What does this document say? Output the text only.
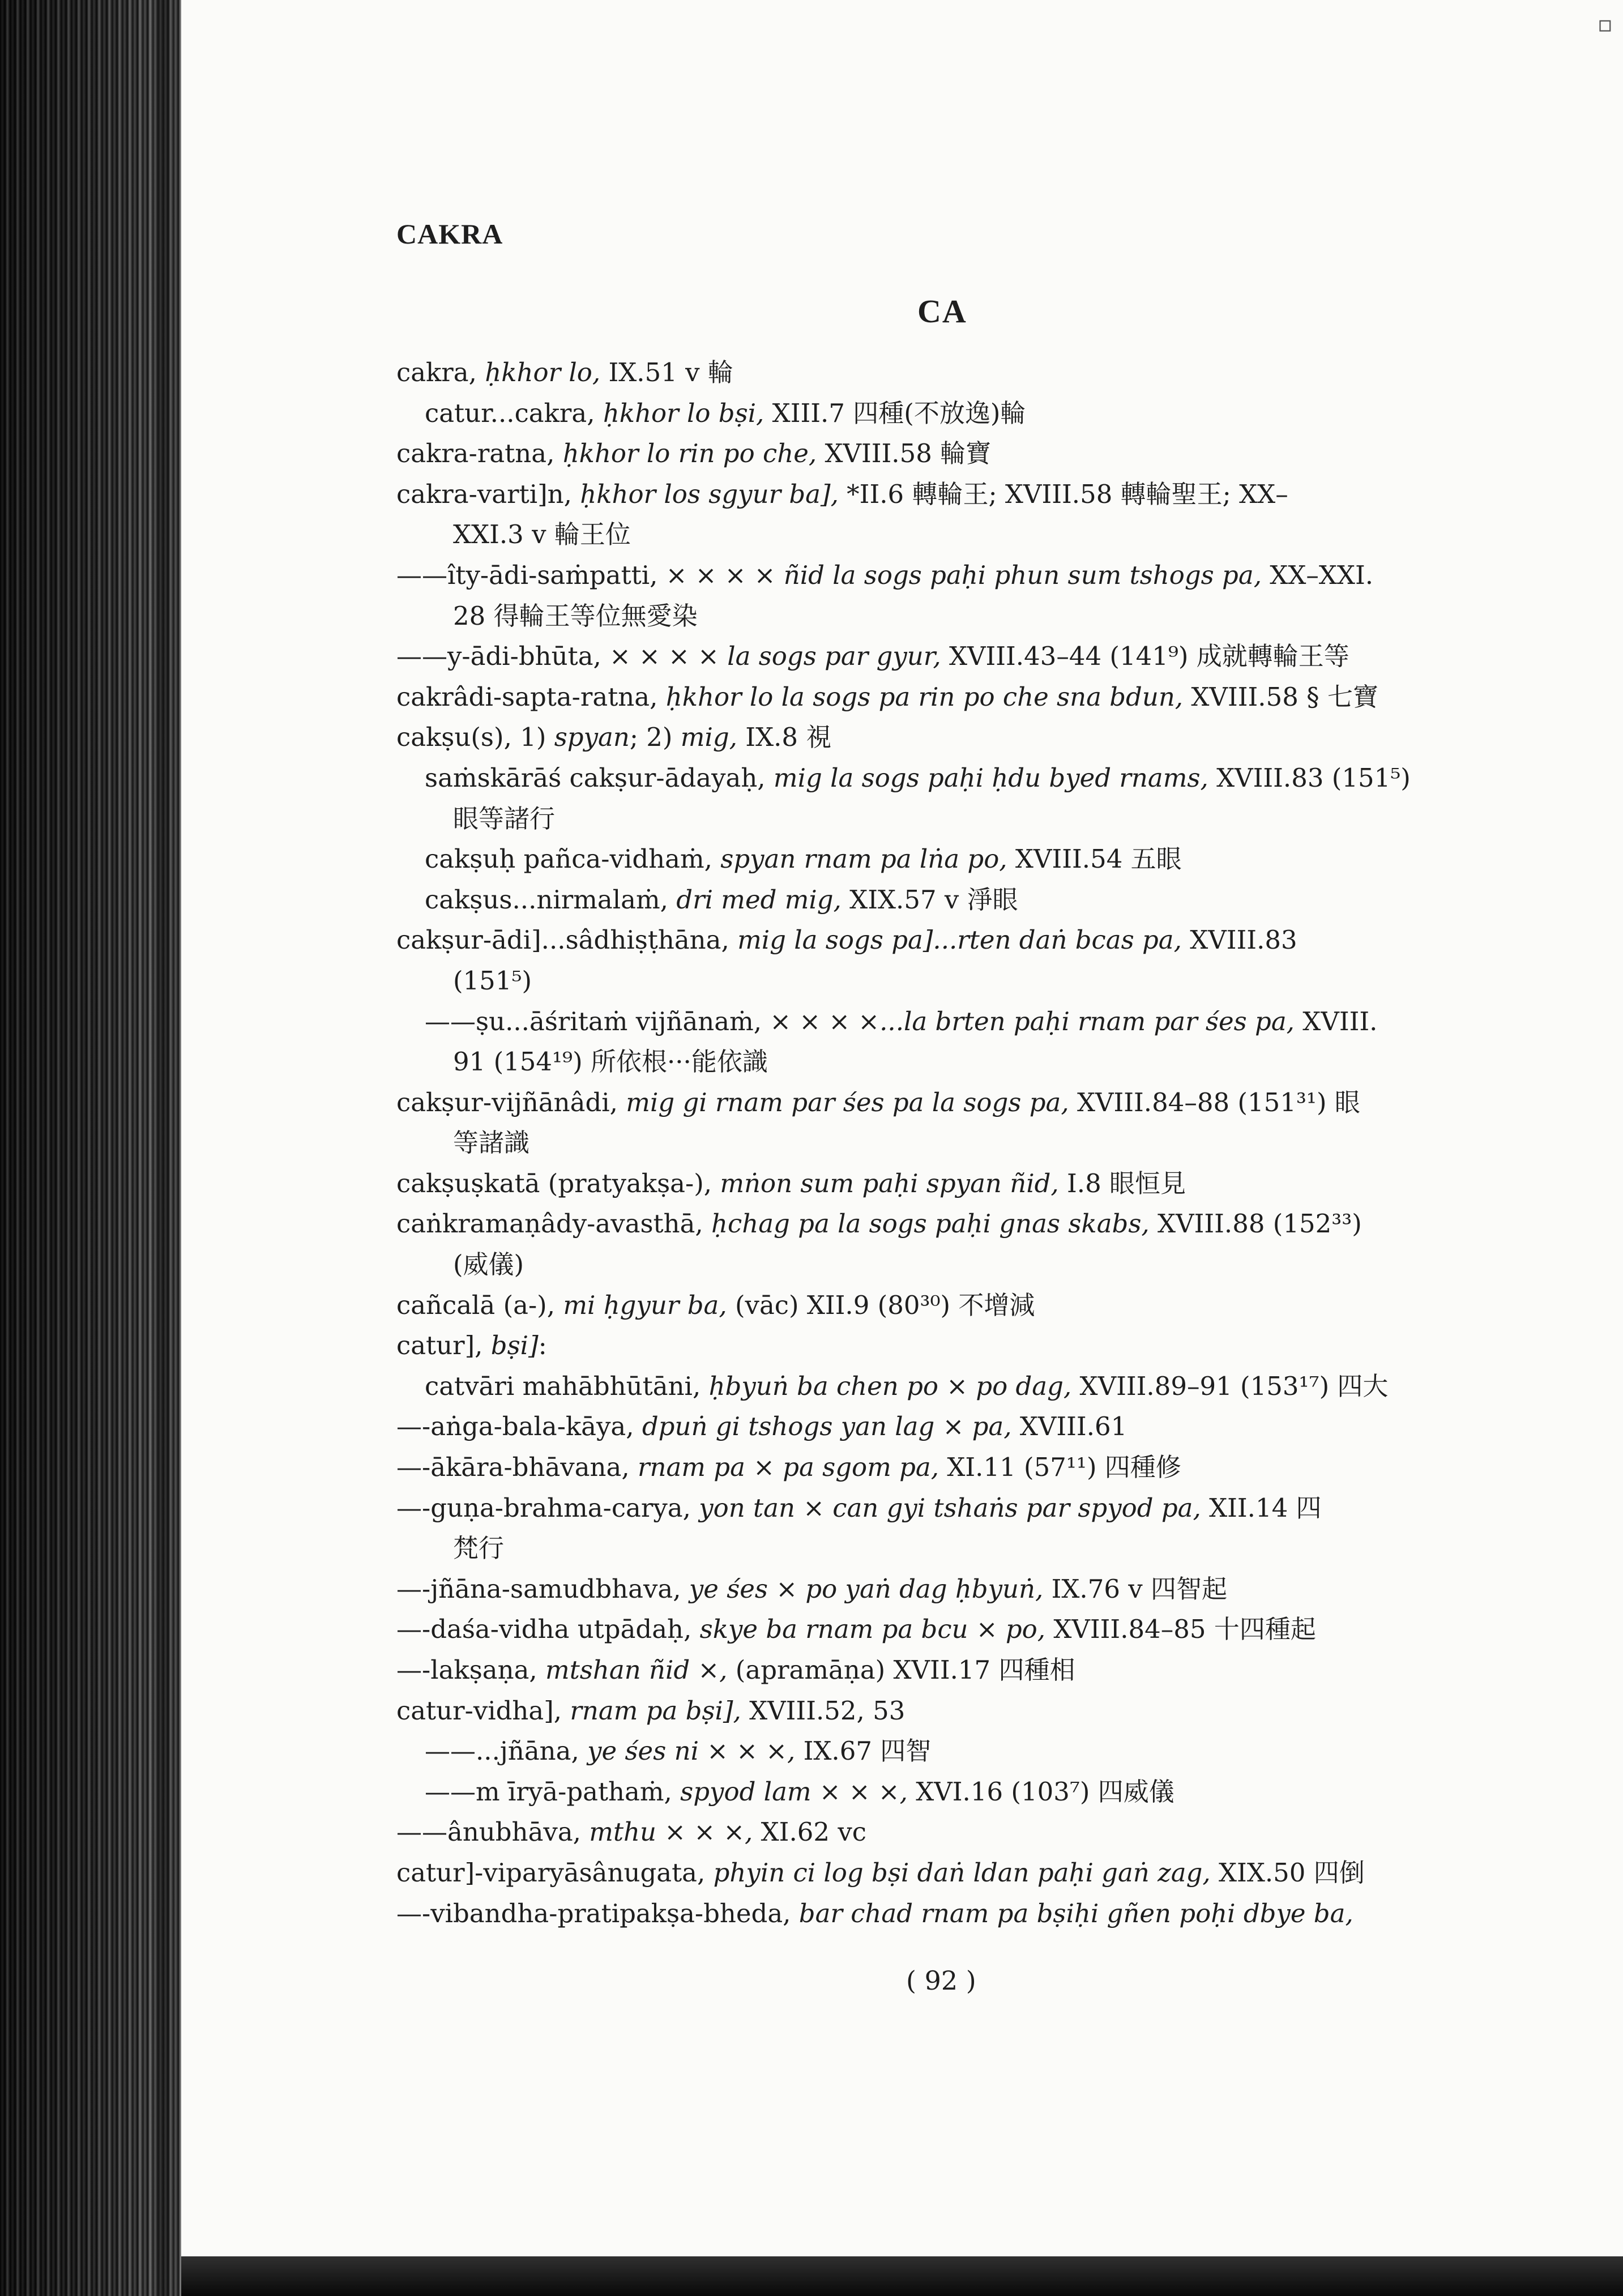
▫
CAKRA
CA
cakra, ḥkhor lo, IX.51 v 輪
catur...cakra, ḥkhor lo bṣi, XIII.7 四種(不放逸)輪
cakra-ratna, ḥkhor lo rin po che, XVIII.58 輪寶
cakra-varti]n, ḥkhor los sgyur ba], *II.6 轉輪王; XVIII.58 轉輪聖王; XX–
XXI.3 v 輪王位
——îty-ādi-saṁpatti, × × × × ñid la sogs paḥi phun sum tshogs pa, XX–XXI.
28 得輪王等位無愛染
——y-ādi-bhūta, × × × × la sogs par gyur, XVIII.43–44 (141⁹) 成就轉輪王等
cakrâdi-sapta-ratna, ḥkhor lo la sogs pa rin po che sna bdun, XVIII.58 § 七寶
cakṣu(s), 1) spyan; 2) mig, IX.8 視
saṁskārāś cakṣur-ādayaḥ, mig la sogs paḥi ḥdu byed rnams, XVIII.83 (151⁵)
眼等諸行
cakṣuḥ pañca-vidhaṁ, spyan rnam pa lṅa po, XVIII.54 五眼
cakṣus...nirmalaṁ, dri med mig, XIX.57 v 淨眼
cakṣur-ādi]...sâdhiṣṭhāna, mig la sogs pa]...rten daṅ bcas pa, XVIII.83
(151⁵)
——ṣu...āśritaṁ vijñānaṁ, × × × ×...la brten paḥi rnam par śes pa, XVIII.
91 (154¹⁹) 所依根···能依識
cakṣur-vijñānâdi, mig gi rnam par śes pa la sogs pa, XVIII.84–88 (151³¹) 眼
等諸識
cakṣuṣkatā (pratyakṣa-), mṅon sum paḥi spyan ñid, I.8 眼恒見
caṅkramaṇâdy-avasthā, ḥchag pa la sogs paḥi gnas skabs, XVIII.88 (152³³)
(威儀)
cañcalā (a-), mi ḥgyur ba, (vāc) XII.9 (80³⁰) 不增減
catur], bṣi]:
catvāri mahābhūtāni, ḥbyuṅ ba chen po × po dag, XVIII.89–91 (153¹⁷) 四大
—-aṅga-bala-kāya, dpuṅ gi tshogs yan lag × pa, XVIII.61
—-ākāra-bhāvana, rnam pa × pa sgom pa, XI.11 (57¹¹) 四種修
—-guṇa-brahma-carya, yon tan × can gyi tshaṅs par spyod pa, XII.14 四
梵行
—-jñāna-samudbhava, ye śes × po yaṅ dag ḥbyuṅ, IX.76 v 四智起
—-daśa-vidha utpādaḥ, skye ba rnam pa bcu × po, XVIII.84–85 十四種起
—-lakṣaṇa, mtshan ñid ×, (apramāṇa) XVII.17 四種相
catur-vidha], rnam pa bṣi], XVIII.52, 53
——...jñāna, ye śes ni × × ×, IX.67 四智
——m īryā-pathaṁ, spyod lam × × ×, XVI.16 (103⁷) 四威儀
——ânubhāva, mthu × × ×, XI.62 vc
catur]-viparyāsânugata, phyin ci log bṣi daṅ ldan paḥi gaṅ zag, XIX.50 四倒
—-vibandha-pratipakṣa-bheda, bar chad rnam pa bṣiḥi gñen poḥi dbye ba,
( 92 )
